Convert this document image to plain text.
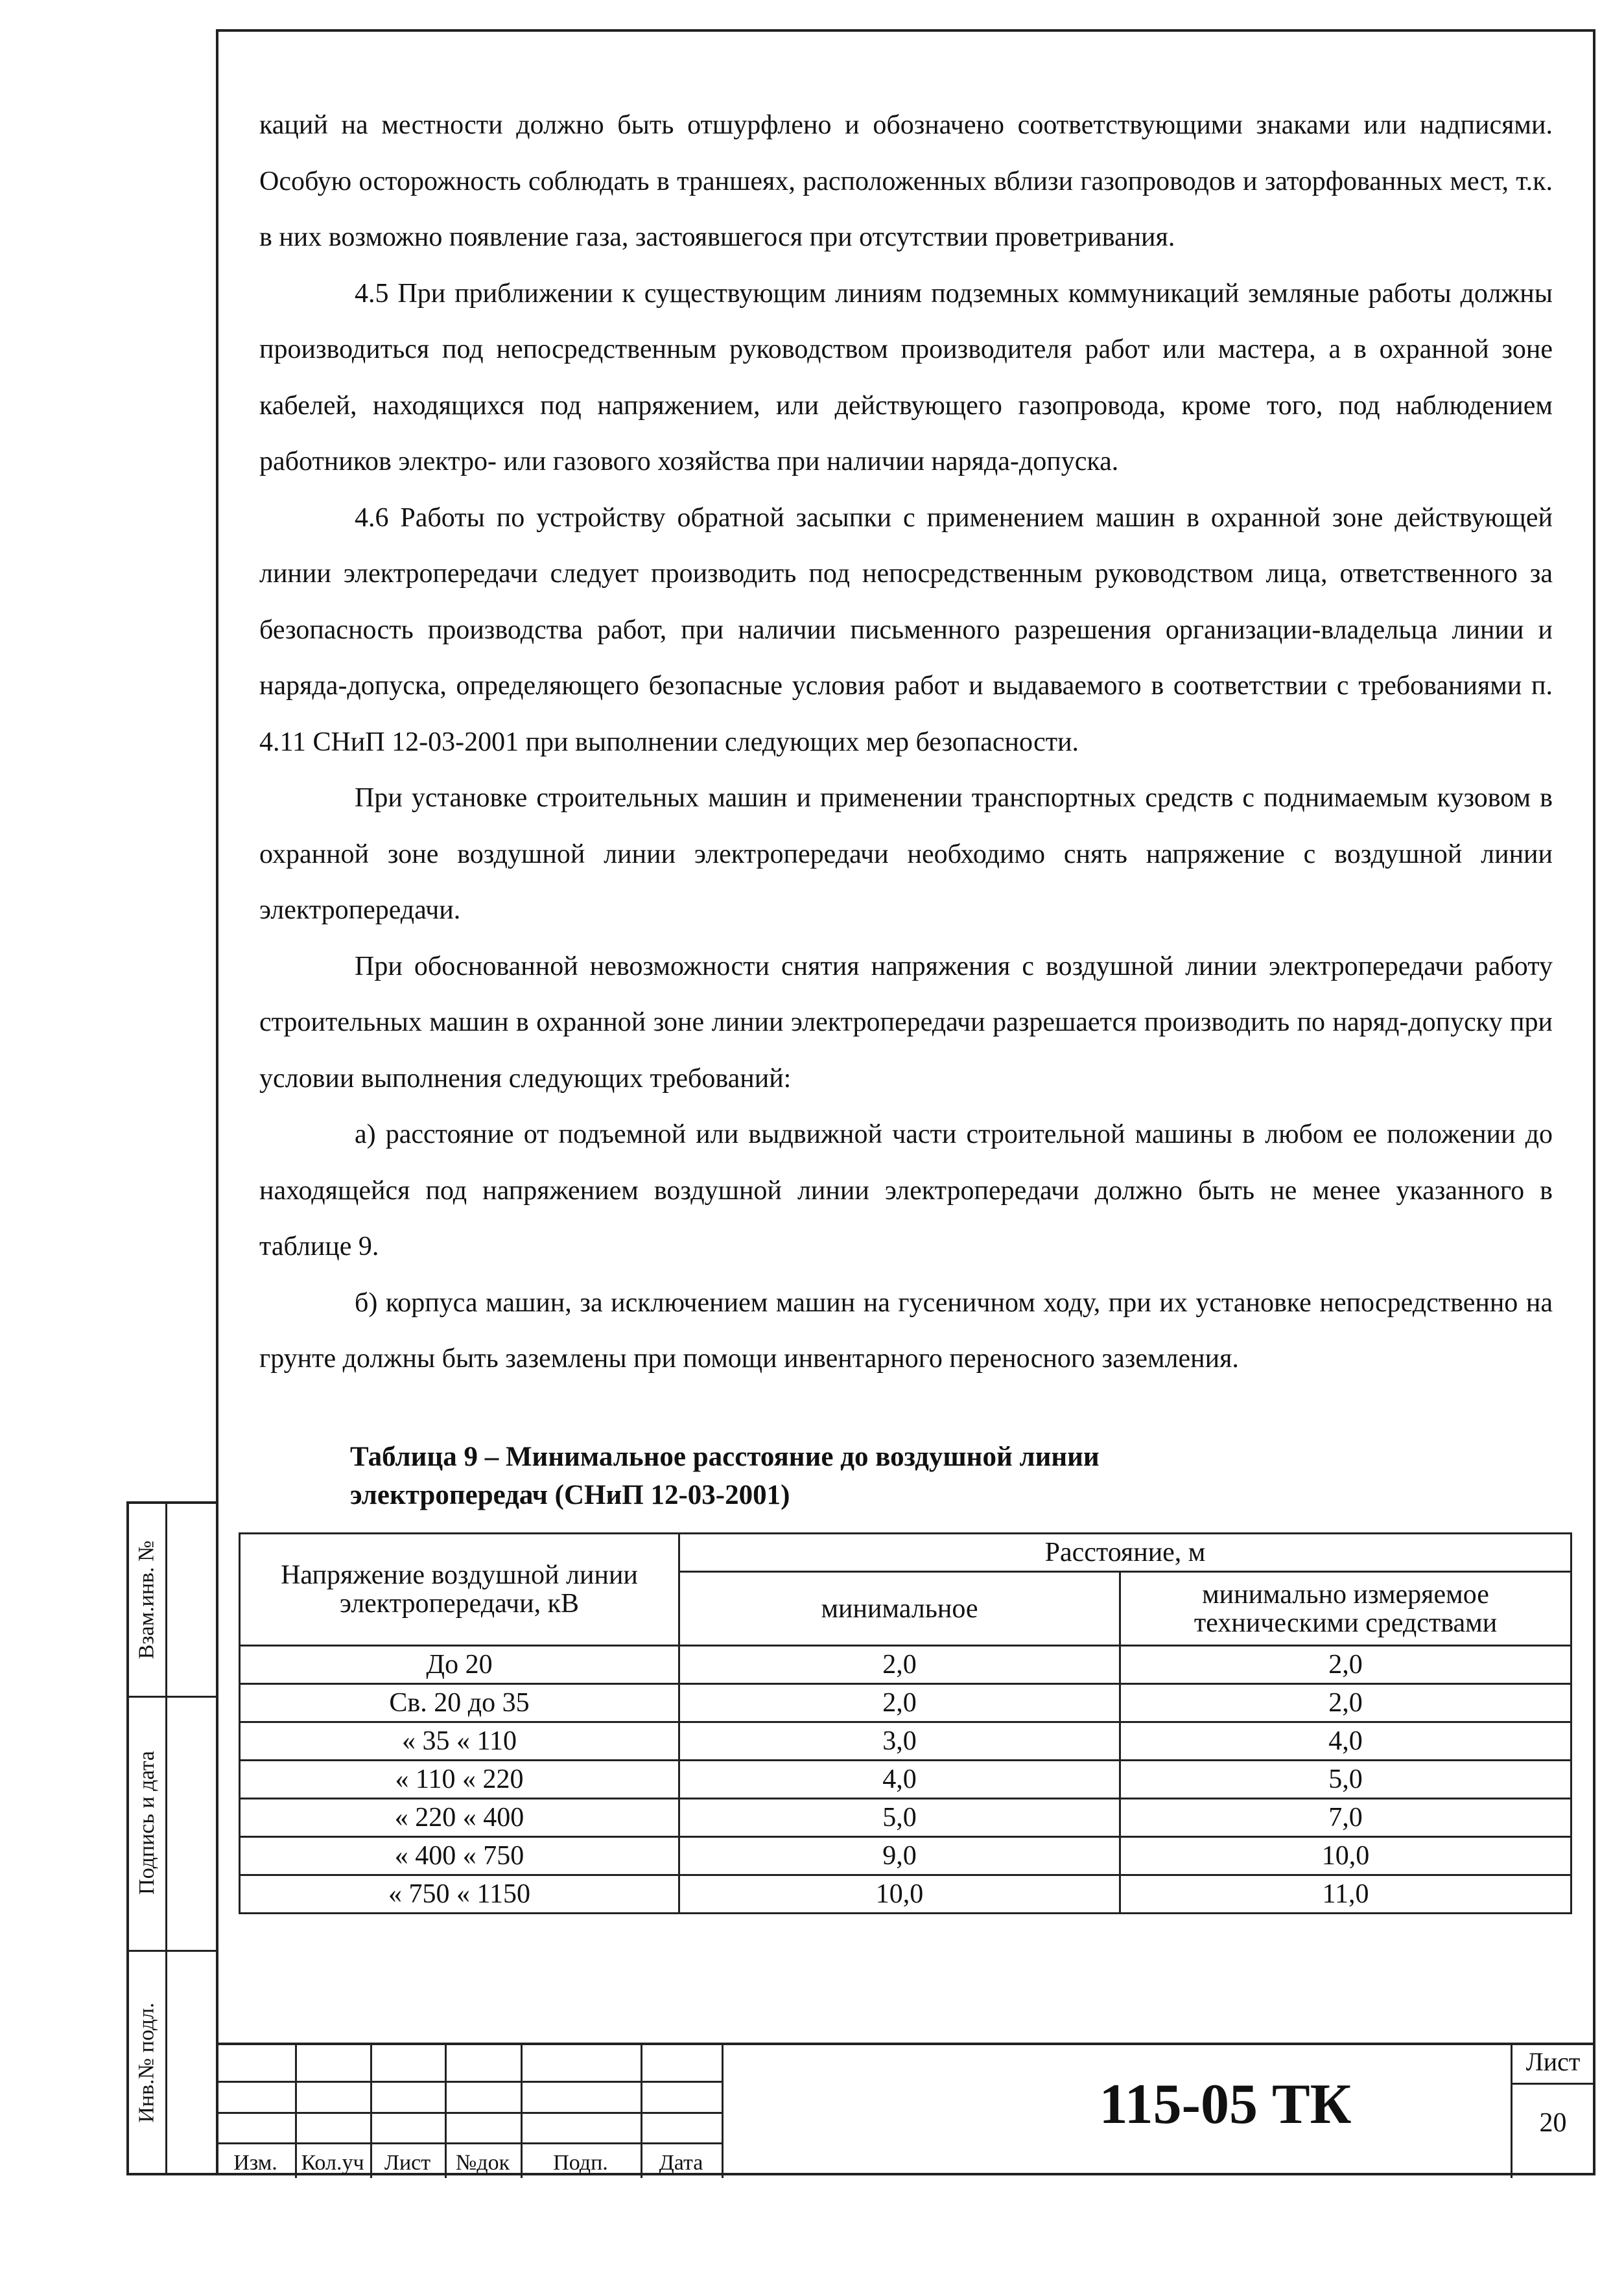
Взам.инв. №
Подпись и дата
Инв.№ подл.

каций на местности должно быть отшурфлено и обозначено соответствующими знаками или надписями. Особую осторожность соблюдать в траншеях, расположенных вблизи газопроводов и заторфованных мест, т.к. в них возможно появление газа, застоявшегося при отсутствии проветривания.

4.5 При приближении к существующим линиям подземных коммуникаций земляные работы должны производиться под непосредственным руководством производителя работ или мастера, а в охранной зоне кабелей, находящихся под напряжением, или действующего газопровода, кроме того, под наблюдением работников электро- или газового хозяйства при наличии наряда-допуска.

4.6 Работы по устройству обратной засыпки с применением машин в охранной зоне действующей линии электропередачи следует производить под непосредственным руководством лица, ответственного за безопасность производства работ, при наличии письменного разрешения организации-владельца линии и наряда-допуска, определяющего безопасные условия работ и выдаваемого в соответствии с требованиями п. 4.11 СНиП 12-03-2001 при выполнении следующих мер безопасности.

При установке строительных машин и применении транспортных средств с поднимаемым кузовом в охранной зоне воздушной линии электропередачи необходимо снять напряжение с воздушной линии электропередачи.

При обоснованной невозможности снятия напряжения с воздушной линии электропередачи работу строительных машин в охранной зоне линии электропередачи разрешается производить по наряд-допуску при условии выполнения следующих требований:

а) расстояние от подъемной или выдвижной части строительной машины в любом ее положении до находящейся под напряжением воздушной линии электропередачи должно быть не менее указанного в таблице 9.

б) корпуса машин, за исключением машин на гусеничном ходу, при их установке непосредственно на грунте должны быть заземлены при помощи инвентарного переносного заземления.

Таблица 9 – Минимальное расстояние до воздушной линии
электропередач (СНиП 12-03-2001)
Напряжение воздушной линии электропередачи, кВ	Расстояние, м	
	минимальное	минимально измеряемое техническими средствами
До 20	2,0	2,0
Св. 20 до 35	2,0	2,0
« 35 « 110	3,0	4,0
« 110 « 220	4,0	5,0
« 220 « 400	5,0	7,0
« 400 « 750	9,0	10,0
« 750 « 1150	10,0	11,0
Изм.	Кол.уч Лист	№док	Подп.	Дата
115-05 ТК
Лист
20
